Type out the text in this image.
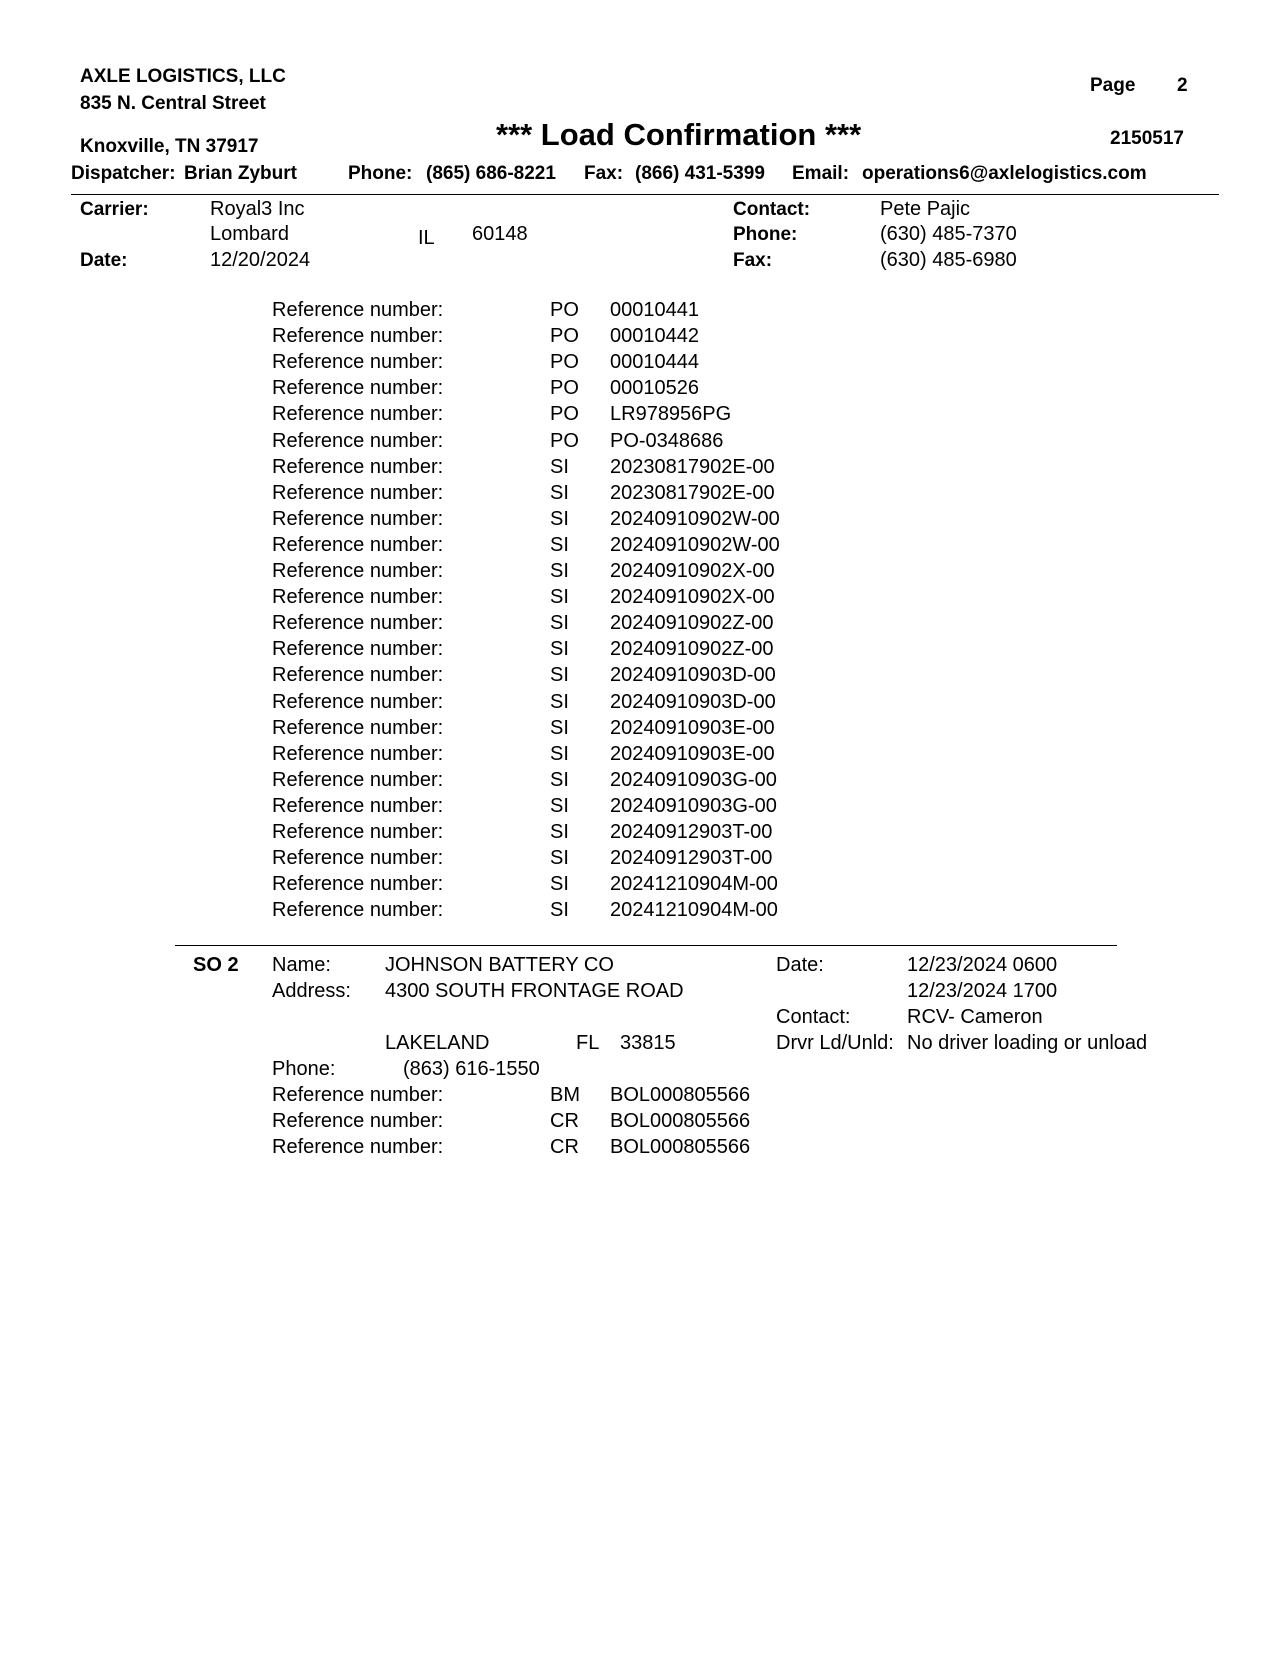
AXLE LOGISTICS, LLC
835 N. Central Street
Knoxville, TN 37917
Page 2
*** Load Confirmation ***	2150517
Dispatcher: Brian Zyburt	Phone: (865) 686-8221 Fax: (866) 431-5399 Email: operations6@axlelogistics.com
Carrier:	Royal3 Inc
Lombard	IL 60148
Date:	12/20/2024
Contact:	Pete Pajic
Phone:	(630) 485-7370
Fax:	(630) 485-6980
Reference number:	PO 00010441
Reference number:	PO 00010442
Reference number:	PO 00010444
Reference number:	PO 00010526
Reference number:	PO LR978956PG
Reference number:	PO PO-0348686
Reference number:	SI 20230817902E-00
Reference number:	SI 20230817902E-00
Reference number:	SI 20240910902W-00
Reference number:	SI 20240910902W-00
Reference number:	SI 20240910902X-00
Reference number:	SI 20240910902X-00
Reference number:	SI 20240910902Z-00
Reference number:	SI 20240910902Z-00
Reference number:	SI 20240910903D-00
Reference number:	SI 20240910903D-00
Reference number:	SI 20240910903E-00
Reference number:	SI 20240910903E-00
Reference number:	SI 20240910903G-00
Reference number:	SI 20240910903G-00
Reference number:	SI 20240912903T-00
Reference number:	SI 20240912903T-00
Reference number:	SI 20241210904M-00
Reference number:	SI 20241210904M-00
SO 2 Name:	JOHNSON BATTERY CO
Address: 4300 SOUTH FRONTAGE ROAD
LAKELAND	FL 33815
Phone:	(863) 616-1550
Date:	12/23/2024 0600
12/23/2024 1700
Contact:	RCV- Cameron
Drvr Ld/Unld: No driver loading or unload
Reference number:	BM BOL000805566
Reference number:	CR BOL000805566
Reference number:	CR BOL000805566
